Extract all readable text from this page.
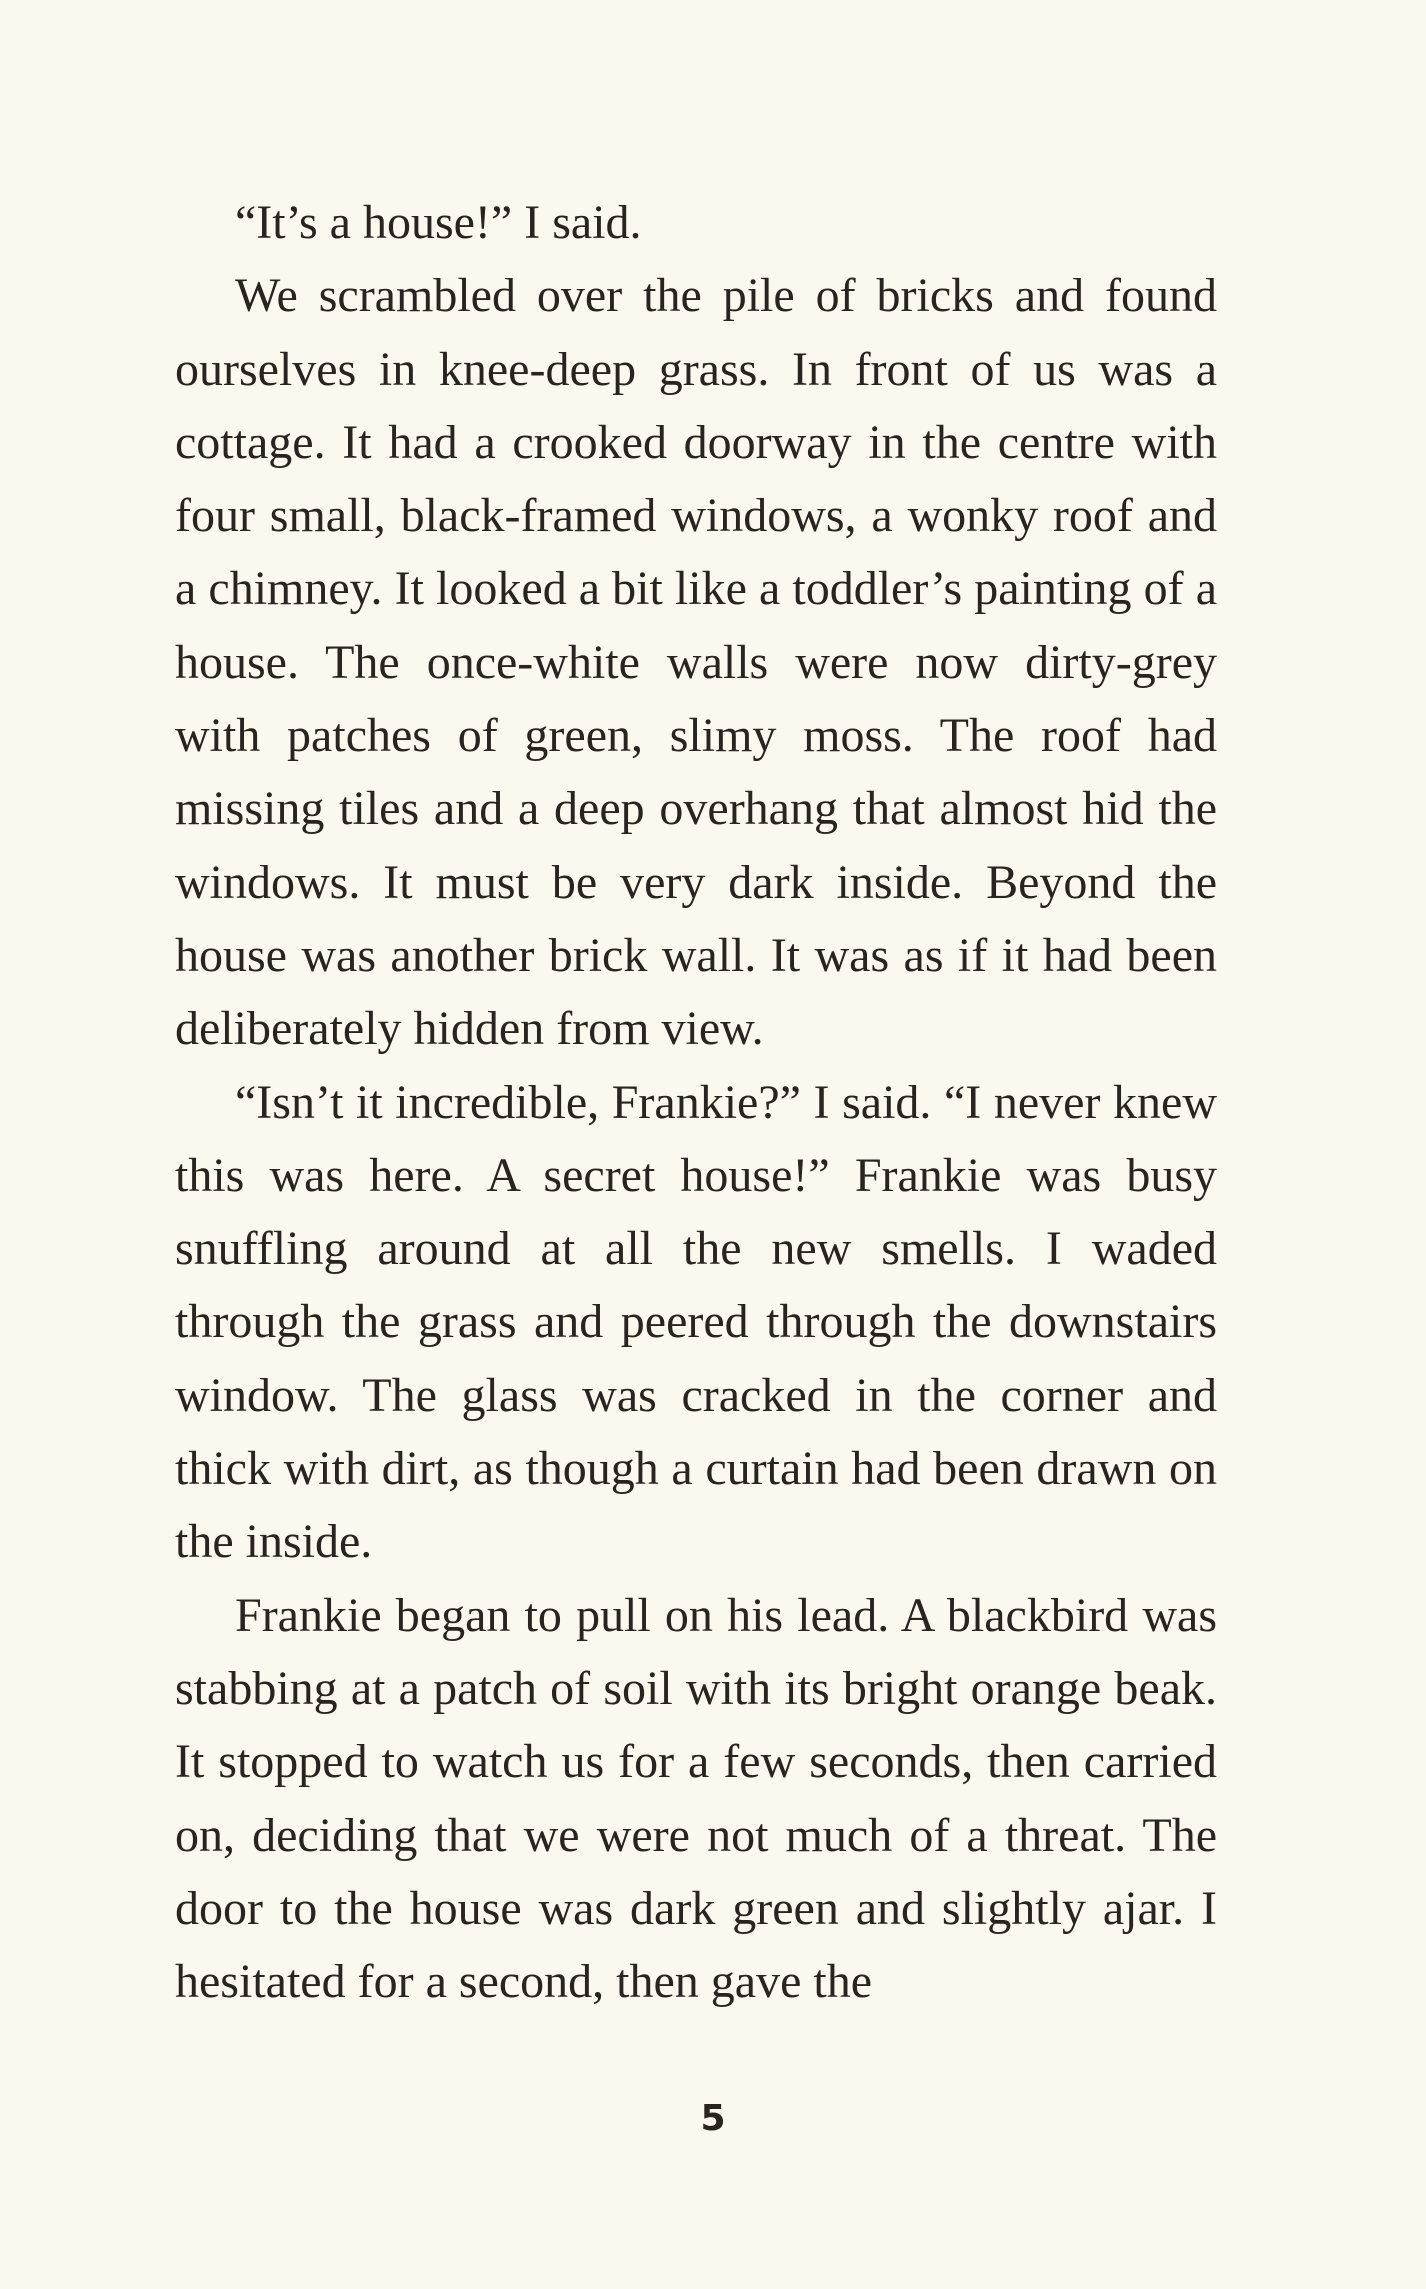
“It’s a house!” I said.

We scrambled over the pile of bricks and found ourselves in knee-deep grass. In front of us was a cottage. It had a crooked doorway in the centre with four small, black-framed windows, a wonky roof and a chimney. It looked a bit like a toddler’s painting of a house. The once-white walls were now dirty-grey with patches of green, slimy moss. The roof had missing tiles and a deep overhang that almost hid the windows. It must be very dark inside. Beyond the house was another brick wall. It was as if it had been deliberately hidden from view.

“Isn’t it incredible, Frankie?” I said. “I never knew this was here. A secret house!” Frankie was busy snuffling around at all the new smells. I waded through the grass and peered through the downstairs window. The glass was cracked in the corner and thick with dirt, as though a curtain had been drawn on the inside.

Frankie began to pull on his lead. A blackbird was stabbing at a patch of soil with its bright orange beak. It stopped to watch us for a few seconds, then carried on, deciding that we were not much of a threat. The door to the house was dark green and slightly ajar. I hesitated for a second, then gave the

5
